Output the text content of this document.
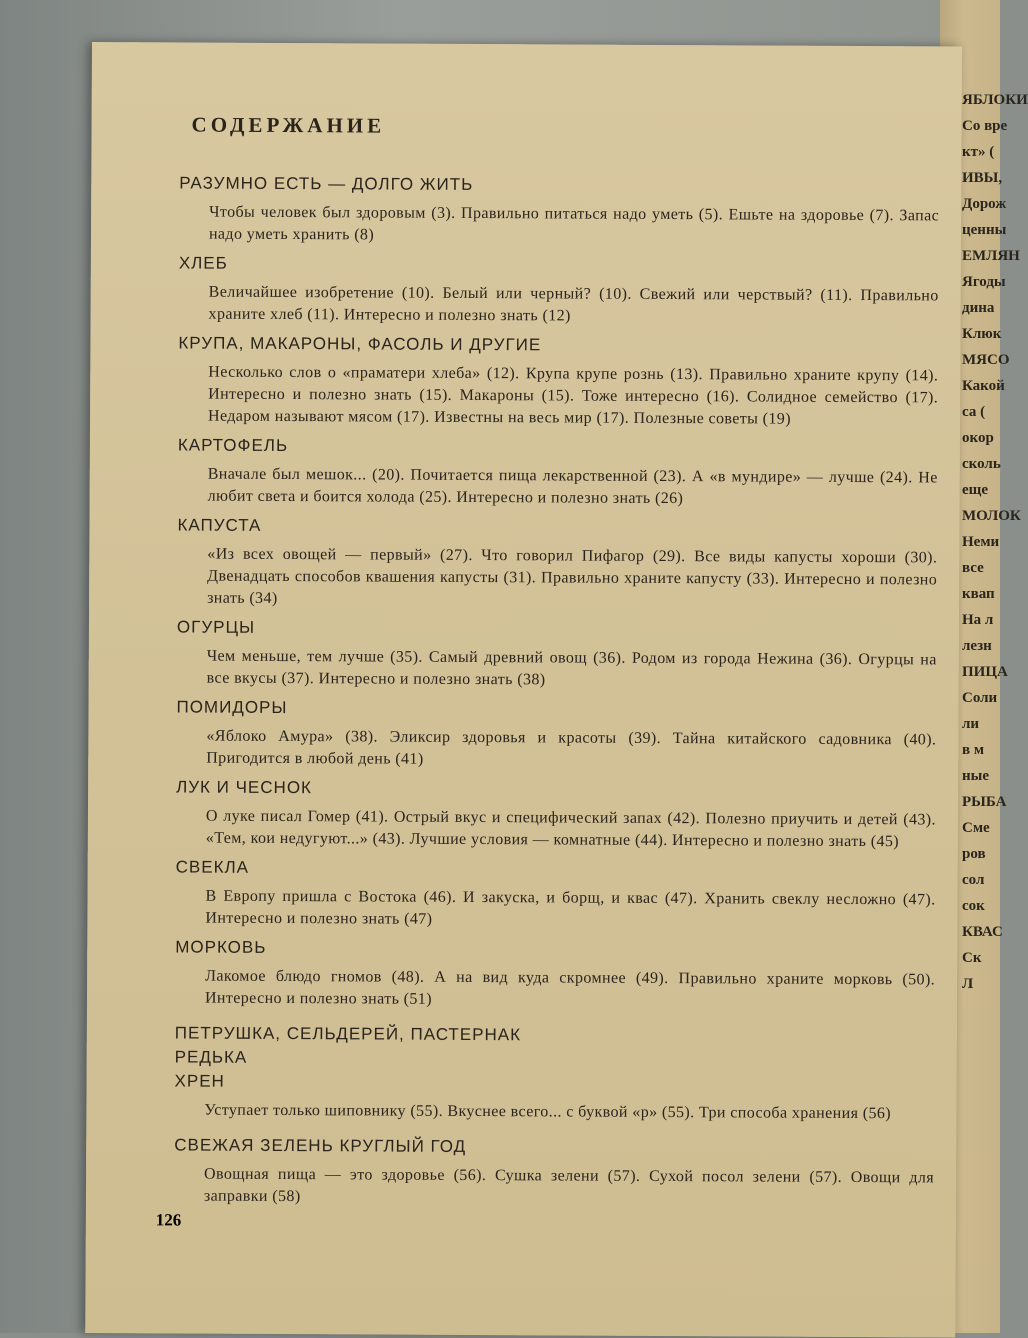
ЯБЛОКИ
Со вре
кт» (
ИВЫ,
Дорож
ценны
ЕМЛЯН
Ягоды
дина
Клюк
МЯСО
Какой
са (
окор
сколь
еще
МОЛОК
Неми
все
квап
На л
лезн
ПИЦА
Соли
ли
в м
ные
РЫБА
Сме
ров
сол
сок
КВАС
Ск
Л
СОДЕРЖАНИЕ
РАЗУМНО ЕСТЬ — ДОЛГО ЖИТЬ
Чтобы человек был здоровым (3). Правильно питаться надо уметь (5). Ешьте на здоровье (7). Запас надо уметь хранить (8)
ХЛЕБ
Величайшее изобретение (10). Белый или черный? (10). Свежий или черствый? (11). Правильно храните хлеб (11). Интересно и полезно знать (12)
КРУПА, МАКАРОНЫ, ФАСОЛЬ И ДРУГИЕ
Несколько слов о «праматери хлеба» (12). Крупа крупе рознь (13). Правильно храните крупу (14). Интересно и полезно знать (15). Макароны (15). Тоже интересно (16). Солидное семейство (17). Недаром называют мясом (17). Известны на весь мир (17). Полезные советы (19)
КАРТОФЕЛЬ
Вначале был мешок... (20). Почитается пища лекарственной (23). А «в мундире» — лучше (24). Не любит света и боится холода (25). Интересно и полезно знать (26)
КАПУСТА
«Из всех овощей — первый» (27). Что говорил Пифагор (29). Все виды капусты хороши (30). Двенадцать способов квашения капусты (31). Правильно храните капусту (33). Интересно и полезно знать (34)
ОГУРЦЫ
Чем меньше, тем лучше (35). Самый древний овощ (36). Родом из города Нежина (36). Огурцы на все вкусы (37). Интересно и полезно знать (38)
ПОМИДОРЫ
«Яблоко Амура» (38). Эликсир здоровья и красоты (39). Тайна китайского садовника (40). Пригодится в любой день (41)
ЛУК И ЧЕСНОК
О луке писал Гомер (41). Острый вкус и специфический запах (42). Полезно приучить и детей (43). «Тем, кои недугуют...» (43). Лучшие условия — комнатные (44). Интересно и полезно знать (45)
СВЕКЛА
В Европу пришла с Востока (46). И закуска, и борщ, и квас (47). Хранить свеклу несложно (47). Интересно и полезно знать (47)
МОРКОВЬ
Лакомое блюдо гномов (48). А на вид куда скромнее (49). Правильно храните морковь (50). Интересно и полезно знать (51)
ПЕТРУШКА, СЕЛЬДЕРЕЙ, ПАСТЕРНАК
РЕДЬКА
ХРЕН
Уступает только шиповнику (55). Вкуснее всего... с буквой «р» (55). Три способа хранения (56)
СВЕЖАЯ ЗЕЛЕНЬ КРУГЛЫЙ ГОД
Овощная пища — это здоровье (56). Сушка зелени (57). Сухой посол зелени (57). Овощи для заправки (58)
126
